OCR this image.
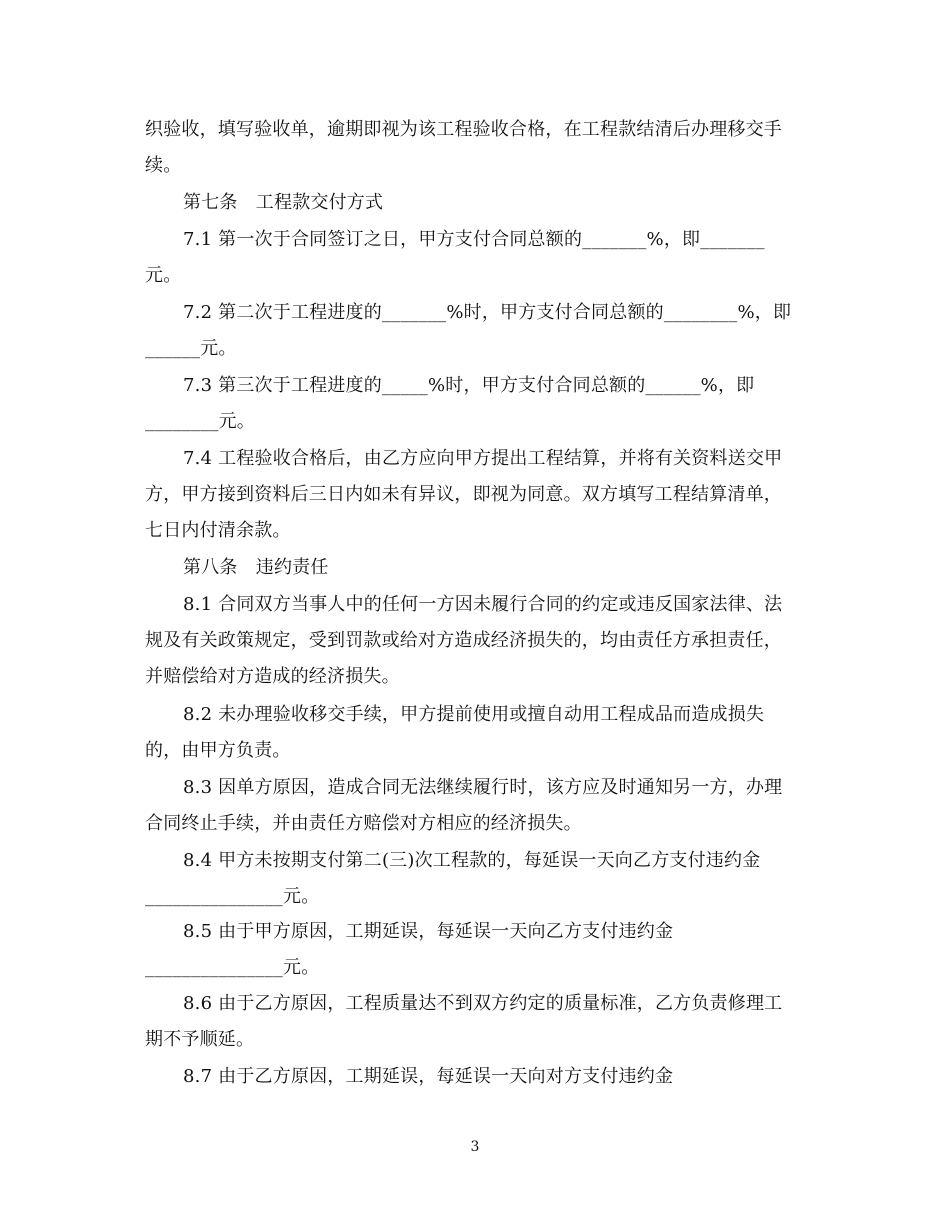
织验收，填写验收单，逾期即视为该工程验收合格，在工程款结清后办理移交手
续。
第七条　工程款交付方式
7.1 第一次于合同签订之日，甲方支付合同总额的_______%，即_______
元。
7.2 第二次于工程进度的_______%时，甲方支付合同总额的________%，即
______元。
7.3 第三次于工程进度的_____%时，甲方支付合同总额的______%，即
________元。
7.4 工程验收合格后，由乙方应向甲方提出工程结算，并将有关资料送交甲
方，甲方接到资料后三日内如未有异议，即视为同意。双方填写工程结算清单，
七日内付清余款。
第八条　违约责任
8.1 合同双方当事人中的任何一方因未履行合同的约定或违反国家法律、法
规及有关政策规定，受到罚款或给对方造成经济损失的，均由责任方承担责任，
并赔偿给对方造成的经济损失。
8.2 未办理验收移交手续，甲方提前使用或擅自动用工程成品而造成损失
的，由甲方负责。
8.3 因单方原因，造成合同无法继续履行时，该方应及时通知另一方，办理
合同终止手续，并由责任方赔偿对方相应的经济损失。
8.4 甲方未按期支付第二(三)次工程款的，每延误一天向乙方支付违约金
_______________元。
8.5 由于甲方原因，工期延误，每延误一天向乙方支付违约金
_______________元。
8.6 由于乙方原因，工程质量达不到双方约定的质量标准，乙方负责修理工
期不予顺延。
8.7 由于乙方原因，工期延误，每延误一天向对方支付违约金
3
